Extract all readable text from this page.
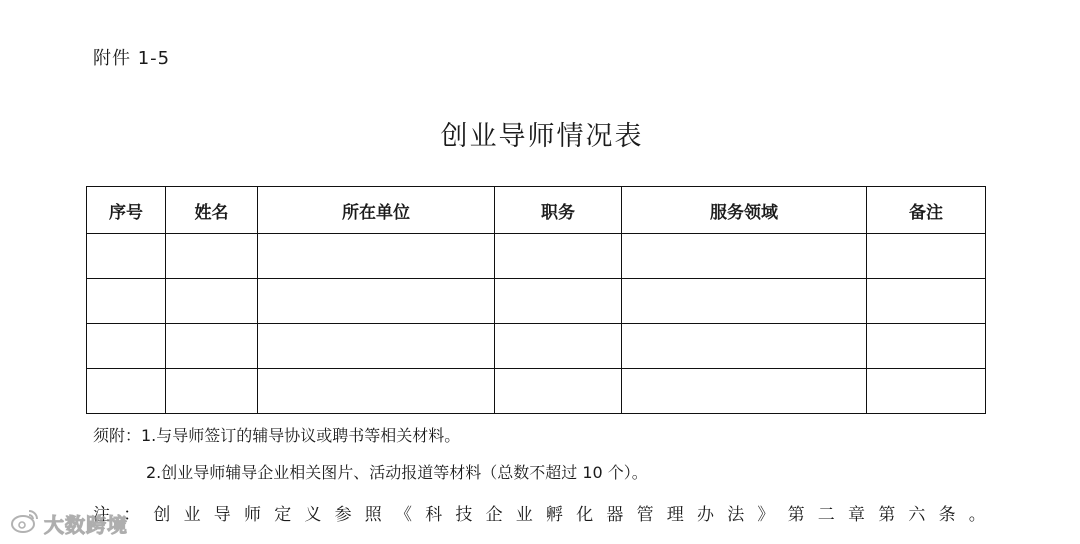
附件 1-5
创业导师情况表
序号	姓名	所在单位	职务	服务领域	备注

须附：1.与导师签订的辅导协议或聘书等相关材料。
2.创业导师辅导企业相关图片、活动报道等材料（总数不超过 10 个）。
注：创业导师定义参照《科技企业孵化器管理办法》第二章第六条。
大数跨境
